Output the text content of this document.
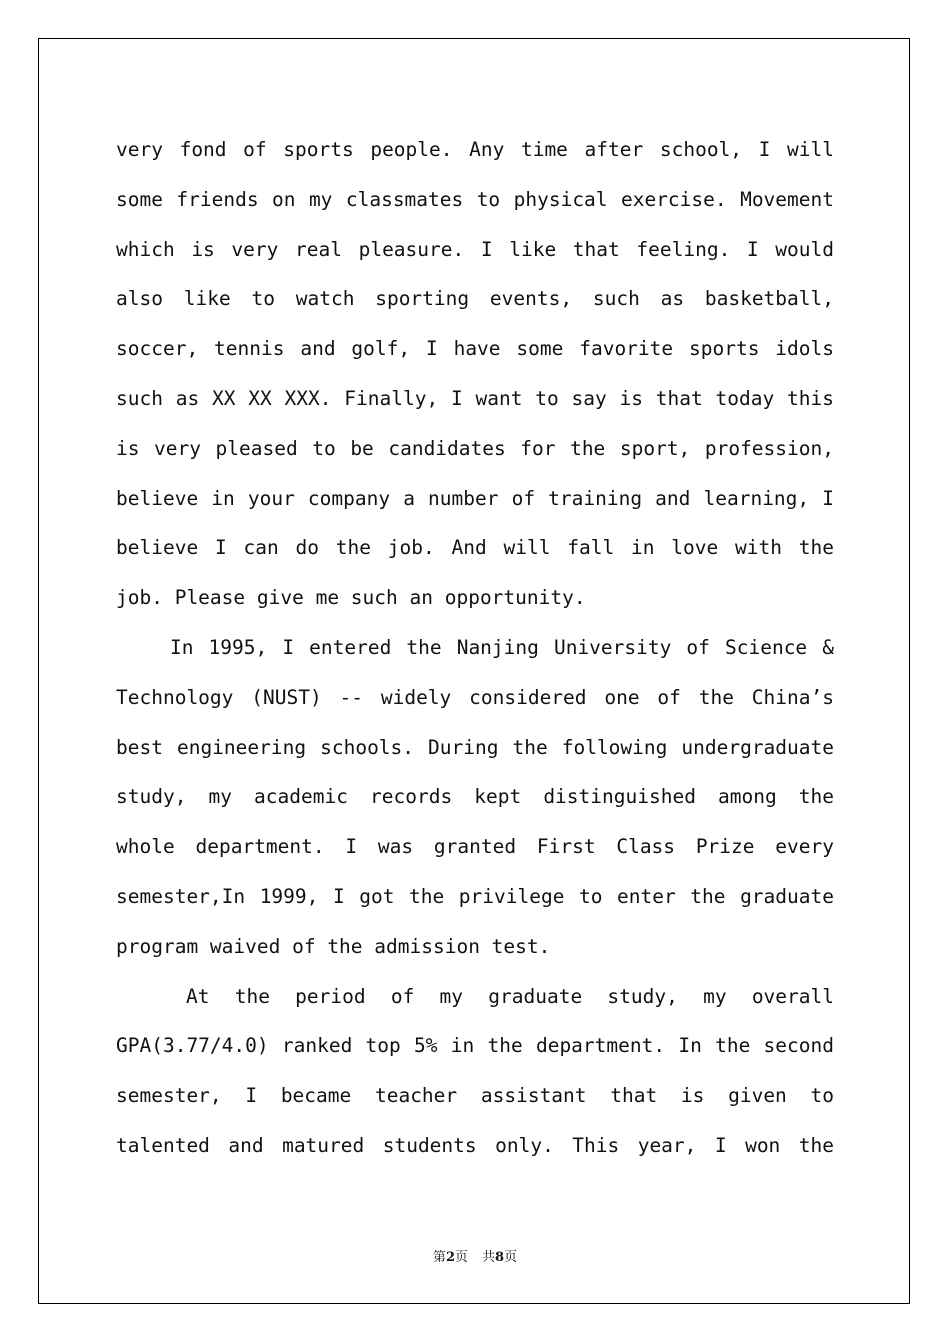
very fond of sports people. Any time after school, I will
some friends on my classmates to physical exercise. Movement
which is very real pleasure. I like that feeling. I would
also like to watch sporting events, such as basketball,
soccer, tennis and golf, I have some favorite sports idols
such as XX XX XXX. Finally, I want to say is that today this
is very pleased to be candidates for the sport, profession,
believe in your company a number of training and learning, I
believe I can do the job. And will fall in love with the
job. Please give me such an opportunity.
In 1995, I entered the Nanjing University of Science &
Technology (NUST) -- widely considered one of the China’s
best engineering schools. During the following undergraduate
study, my academic records kept distinguished among the
whole department. I was granted First Class Prize every
semester,In 1999, I got the privilege to enter the graduate
program waived of the admission test.
At the period of my graduate study, my overall
GPA(3.77/4.0) ranked top 5% in the department. In the second
semester, I became teacher assistant that is given to
talented and matured students only. This year, I won the
第2页 共8页
